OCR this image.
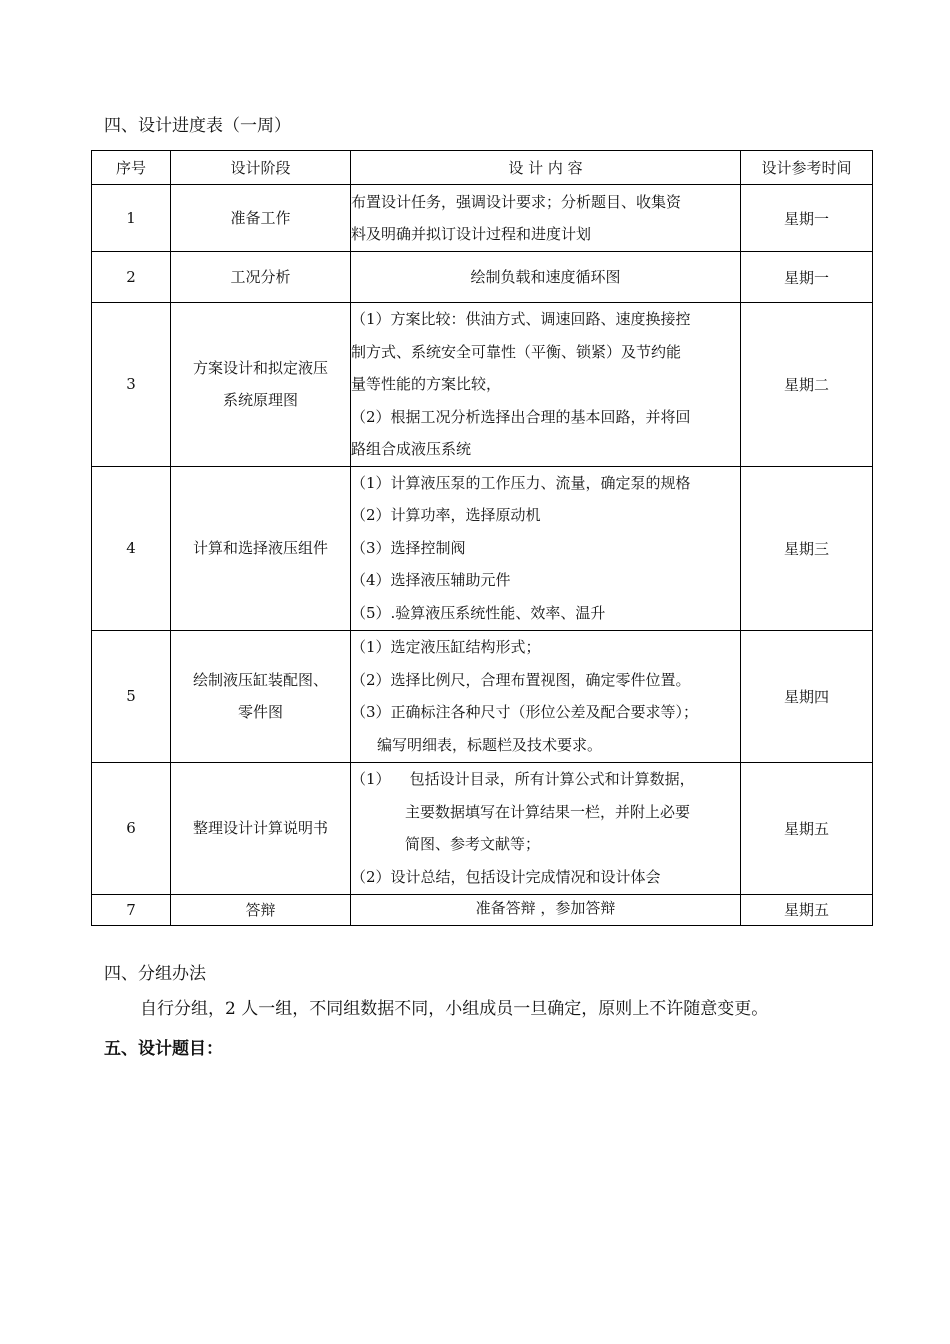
四、设计进度表（一周）
序号	设计阶段	设 计 内 容	设计参考时间
1	准备工作	布置设计任务，强调设计要求；分析题目、收集资
料及明确并拟订设计过程和进度计划	星期一
2	工况分析	绘制负载和速度循环图	星期一
3	方案设计和拟定液压
系统原理图	（1）方案比较：供油方式、调速回路、速度换接控
制方式、系统安全可靠性（平衡、锁紧）及节约能
量等性能的方案比较，
（2）根据工况分析选择出合理的基本回路，并将回
路组合成液压系统	星期二
4	计算和选择液压组件	（1）计算液压泵的工作压力、流量，确定泵的规格
（2）计算功率，选择原动机
（3）选择控制阀
（4）选择液压辅助元件
（5）.验算液压系统性能、效率、温升	星期三
5	绘制液压缸装配图、
零件图	（1）选定液压缸结构形式；
（2）选择比例尺，合理布置视图，确定零件位置。
（3）正确标注各种尺寸（形位公差及配合要求等）；
编写明细表，标题栏及技术要求。	星期四
6	整理设计计算说明书	（1）    包括设计目录，所有计算公式和计算数据，
主要数据填写在计算结果一栏，并附上必要
简图、参考文献等；
（2）设计总结，包括设计完成情况和设计体会	星期五
7	答辩	准备答辩 ，参加答辩	星期五
四、分组办法
自行分组，2 人一组，不同组数据不同，小组成员一旦确定，原则上不许随意变更。
五、设计题目：
